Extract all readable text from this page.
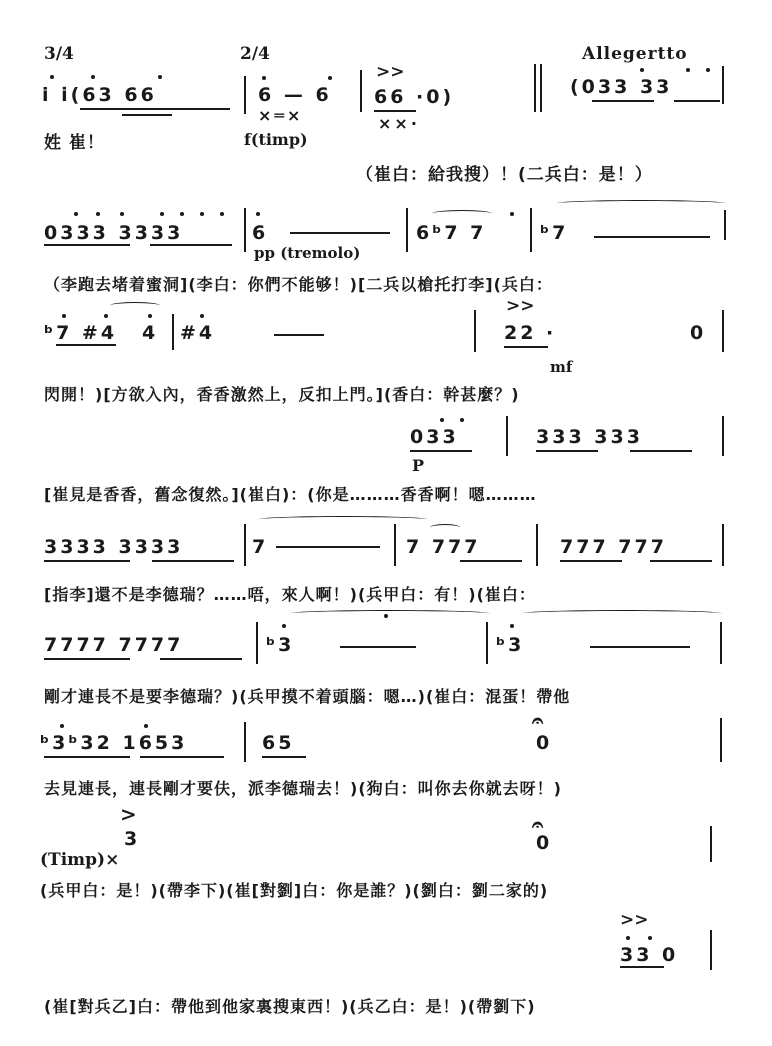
3/4	2/4	Allegertto
i i̇(63 66	6 — 6
×═×
>>
66 ·0)
××·
(033 33
姓 崔！	f(timp)
（崔白：給我搜）！(二兵白：是！）
0333 3333	6	6ᵇ7 7	ᵇ7
pp (tremolo)
（李跑去堵着蜜洞](李白：你們不能够！)[二兵以槍托打李](兵白：
ᵇ7 #4 4 #4
>>
22 ·	0
mf
閃開！)[方欲入內，香香激然上，反扣上門。](香白：幹甚麼？)
033	333 333
P
[崔見是香香，舊念復然。](崔白)：(你是………香香啊！嗯………
3333 3333	7	7 777	777 777
[指李]還不是李德瑞？……唔，來人啊！)(兵甲白：有！)(崔白：
7777 7777	ᵇ3	ᵇ3
剛才連長不是要李德瑞？)(兵甲摸不着頭腦：嗯…)(崔白：混蛋！帶他
ᵇ3ᵇ32 1653	65
𝄐
0
去見連長，連長剛才要伕，派李德瑞去！)(狗白：叫你去你就去呀！)
>
3
𝄐
0
(Timp)×
(兵甲白：是！)(帶李下)(崔[對劉]白：你是誰？)(劉白：劉二家的)
>>
33 0
(崔[對兵乙]白：帶他到他家裏搜東西！)(兵乙白：是！)(帶劉下)
